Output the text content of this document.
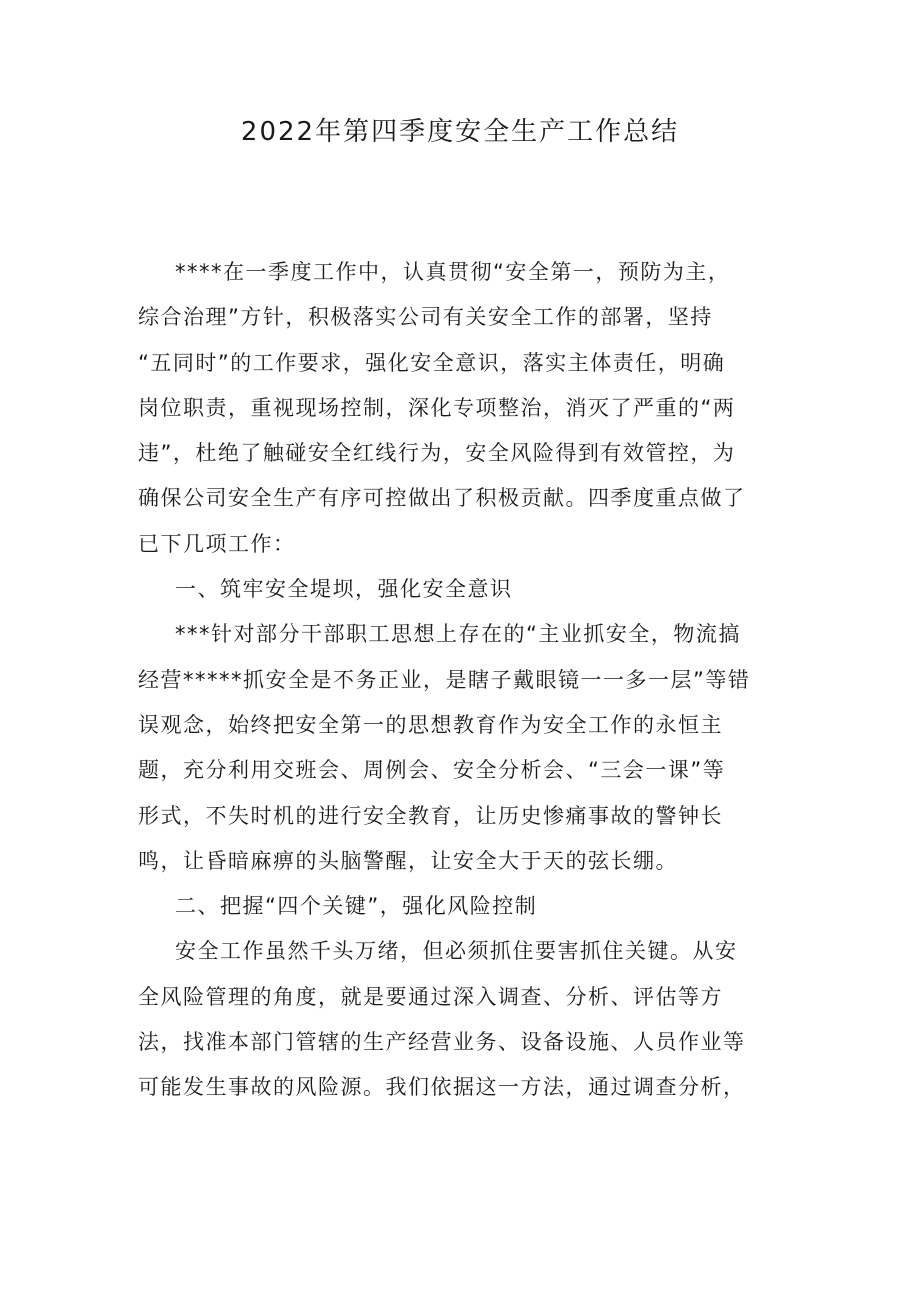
2022年第四季度安全生产工作总结
****在一季度工作中，认真贯彻“安全第一，预防为主，
综合治理”方针，积极落实公司有关安全工作的部署，坚持
“五同时”的工作要求，强化安全意识，落实主体责任，明确
岗位职责，重视现场控制，深化专项整治，消灭了严重的“两
违”，杜绝了触碰安全红线行为，安全风险得到有效管控，为
确保公司安全生产有序可控做出了积极贡献。四季度重点做了
已下几项工作：
一、筑牢安全堤坝，强化安全意识
***针对部分干部职工思想上存在的“主业抓安全，物流搞
经营*****抓安全是不务正业，是瞎子戴眼镜一一多一层”等错
误观念，始终把安全第一的思想教育作为安全工作的永恒主
题，充分利用交班会、周例会、安全分析会、“三会一课”等
形式，不失时机的进行安全教育，让历史惨痛事故的警钟长
鸣，让昏暗麻痹的头脑警醒，让安全大于天的弦长绷。
二、把握“四个关键”，强化风险控制
安全工作虽然千头万绪，但必须抓住要害抓住关键。从安
全风险管理的角度，就是要通过深入调查、分析、评估等方
法，找准本部门管辖的生产经营业务、设备设施、人员作业等
可能发生事故的风险源。我们依据这一方法，通过调查分析，
